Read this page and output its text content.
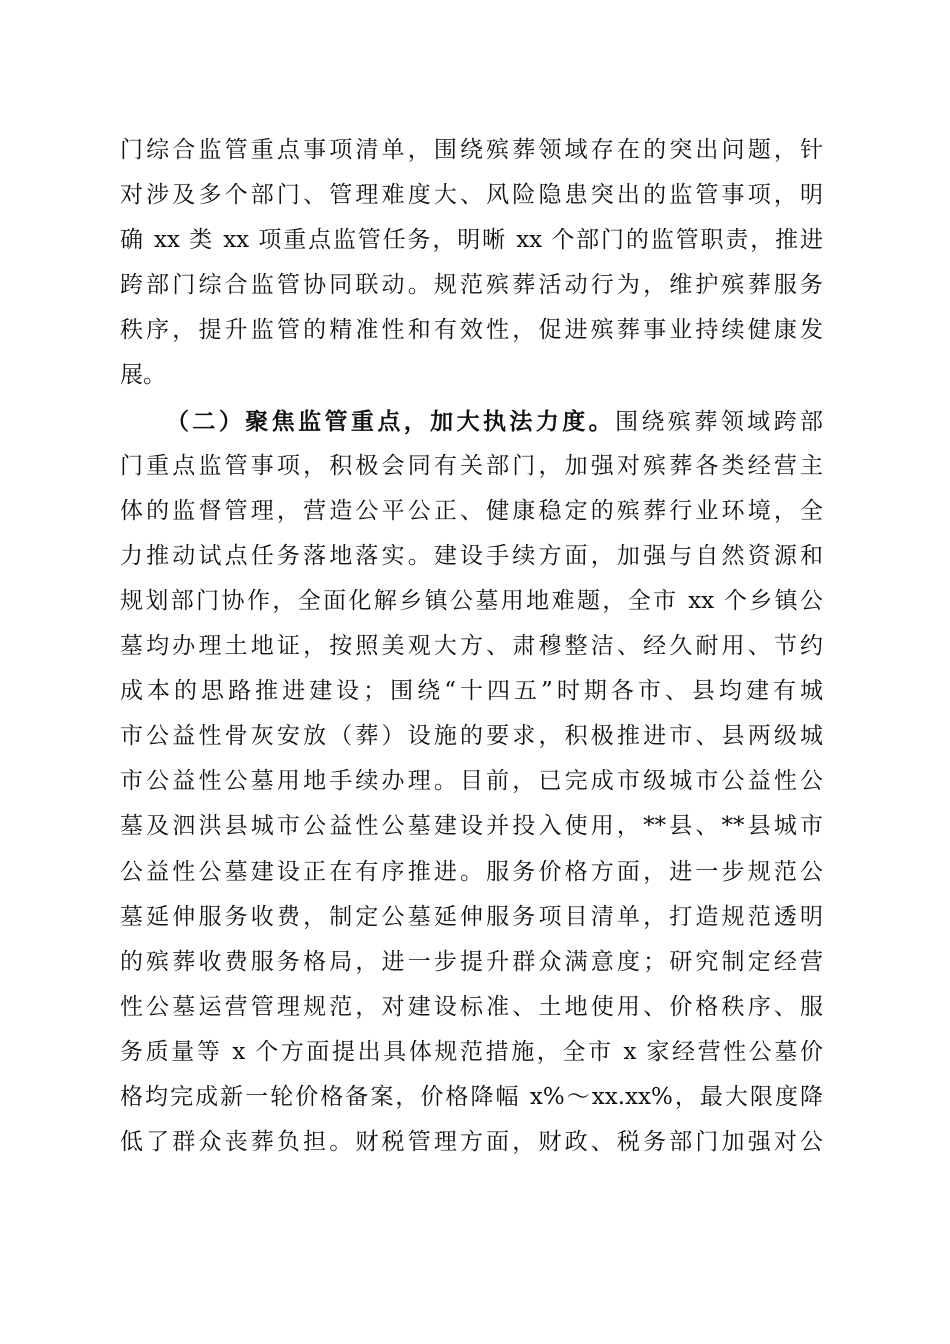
门综合监管重点事项清单，围绕殡葬领域存在的突出问题，针
对涉及多个部门、管理难度大、风险隐患突出的监管事项，明
确 xx 类 xx 项重点监管任务，明晰 xx 个部门的监管职责，推进
跨部门综合监管协同联动。规范殡葬活动行为，维护殡葬服务
秩序，提升监管的精准性和有效性，促进殡葬事业持续健康发
展。
（二）聚焦监管重点，加大执法力度。围绕殡葬领域跨部
门重点监管事项，积极会同有关部门，加强对殡葬各类经营主
体的监督管理，营造公平公正、健康稳定的殡葬行业环境，全
力推动试点任务落地落实。建设手续方面，加强与自然资源和
规划部门协作，全面化解乡镇公墓用地难题，全市 xx 个乡镇公
墓均办理土地证，按照美观大方、肃穆整洁、经久耐用、节约
成本的思路推进建设；围绕“十四五”时期各市、县均建有城
市公益性骨灰安放（葬）设施的要求，积极推进市、县两级城
市公益性公墓用地手续办理。目前，已完成市级城市公益性公
墓及泗洪县城市公益性公墓建设并投入使用，**县、**县城市
公益性公墓建设正在有序推进。服务价格方面，进一步规范公
墓延伸服务收费，制定公墓延伸服务项目清单，打造规范透明
的殡葬收费服务格局，进一步提升群众满意度；研究制定经营
性公墓运营管理规范，对建设标准、土地使用、价格秩序、服
务质量等 x 个方面提出具体规范措施，全市 x 家经营性公墓价
格均完成新一轮价格备案，价格降幅 x%～xx.xx%，最大限度降
低了群众丧葬负担。财税管理方面，财政、税务部门加强对公
